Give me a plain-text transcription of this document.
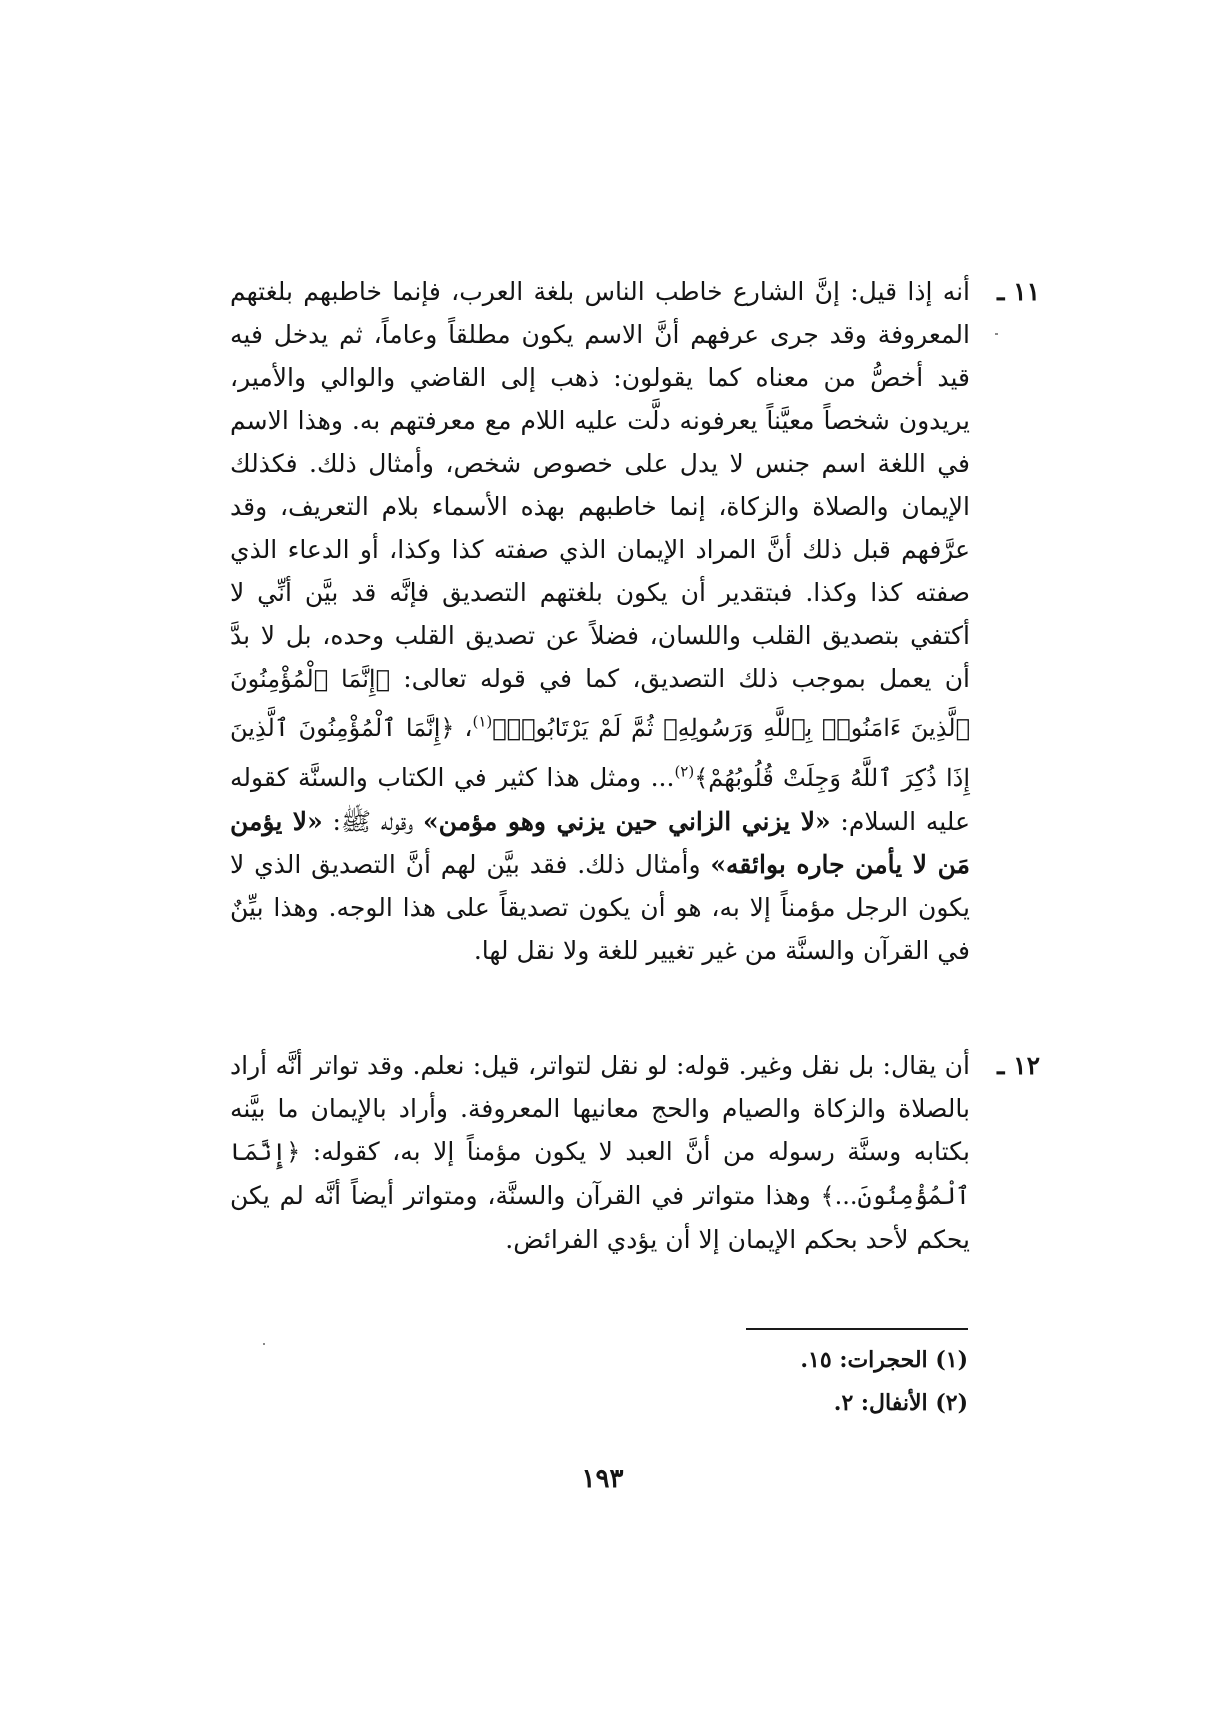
١١ ـ
أنه إذا قيل: إنَّ الشارع خاطب الناس بلغة العرب، فإنما خاطبهم بلغتهم المعروفة وقد جرى عرفهم أنَّ الاسم يكون مطلقاً وعاماً، ثم يدخل فيه قيد أخصُّ من معناه كما يقولون: ذهب إلى القاضي والوالي والأمير، يريدون شخصاً معيَّناً يعرفونه دلَّت عليه اللام مع معرفتهم به. وهذا الاسم في اللغة اسم جنس لا يدل على خصوص شخص، وأمثال ذلك. فكذلك الإيمان والصلاة والزكاة، إنما خاطبهم بهذه الأسماء بلام التعريف، وقد عرَّفهم قبل ذلك أنَّ المراد الإيمان الذي صفته كذا وكذا، أو الدعاء الذي صفته كذا وكذا. فبتقدير أن يكون بلغتهم التصديق فإنَّه قد بيَّن أنِّي لا أكتفي بتصديق القلب واللسان، فضلاً عن تصديق القلب وحده، بل لا بدَّ أن يعمل بموجب ذلك التصديق، كما في قوله تعالى: ﴿إِنَّمَا ٱلْمُؤْمِنُونَ ٱلَّذِينَ ءَامَنُوا۟ بِٱللَّهِ وَرَسُولِهِۦ ثُمَّ لَمْ يَرْتَابُوا۟﴾$^{(١)}$، ﴿إِنَّمَا ٱلْمُؤْمِنُونَ ٱلَّذِينَ إِذَا ذُكِرَ ٱللَّهُ وَجِلَتْ قُلُوبُهُمْ﴾$^{(٢)}$... ومثل هذا كثير في الكتاب والسنَّة كقوله عليه السلام: «لا يزني الزاني حين يزني وهو مؤمن» وقوله ﷺ: «لا يؤمن مَن لا يأمن جاره بوائقه» وأمثال ذلك. فقد بيَّن لهم أنَّ التصديق الذي لا يكون الرجل مؤمناً إلا به، هو أن يكون تصديقاً على هذا الوجه. وهذا بيِّنٌ في القرآن والسنَّة من غير تغيير للغة ولا نقل لها.
١٢ ـ
أن يقال: بل نقل وغير. قوله: لو نقل لتواتر، قيل: نعلم. وقد تواتر أنَّه أراد بالصلاة والزكاة والصيام والحج معانيها المعروفة. وأراد بالإيمان ما بيَّنه بكتابه وسنَّة رسوله من أنَّ العبد لا يكون مؤمناً إلا به، كقوله: ﴿إِنَّمَا ٱلْمُؤْمِنُونَ...﴾ وهذا متواتر في القرآن والسنَّة، ومتواتر أيضاً أنَّه لم يكن يحكم لأحد بحكم الإيمان إلا أن يؤدي الفرائض.
(١) الحجرات: ١٥.
(٢) الأنفال: ٢.
١٩٣
